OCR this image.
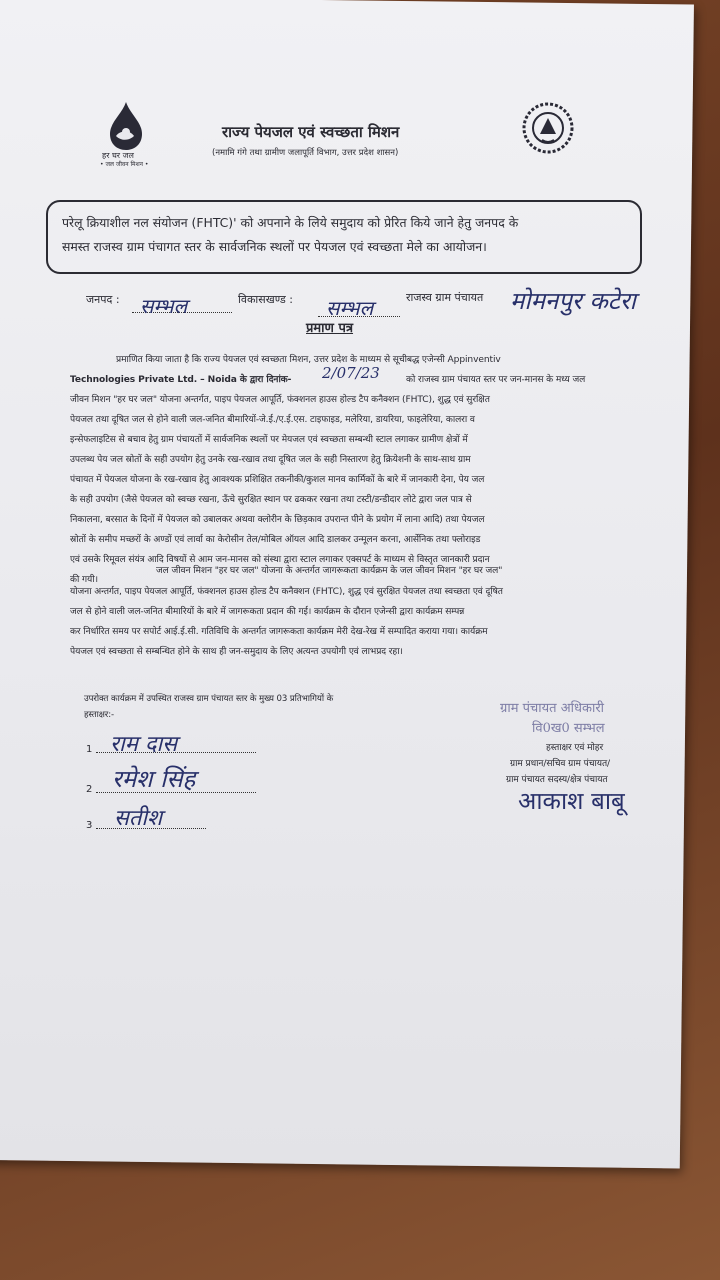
हर घर जल
• जल जीवन मिशन •
राज्य पेयजल एवं स्वच्छता मिशन
(नमामि गंगे तथा ग्रामीण जलापूर्ति विभाग, उत्तर प्रदेश शासन)
परेलू क्रियाशील नल संयोजन (FHTC)' को अपनाने के लिये समुदाय को प्रेरित किये जाने हेतु जनपद के
समस्त राजस्व ग्राम पंचागत स्तर के सार्वजनिक स्थलों पर पेयजल एवं स्वच्छता मेले का आयोजन।
जनपद : सम्भल	विकासखण्ड : सम्भल	राजस्व ग्राम पंचायत मोमनपुर कटेरा
प्रमाण पत्र
प्रमाणित किया जाता है कि राज्य पेयजल एवं स्वच्छता मिशन, उत्तर प्रदेश के माध्यम से सूचीबद्ध एजेन्सी Appinventiv
Technologies Private Ltd. – Noida के द्वारा दिनांक- 2/07/23	को राजस्व ग्राम पंचायत स्तर पर जन-मानस के मध्य जल
जीवन मिशन "हर घर जल" योजना अन्तर्गत, पाइप पेयजल आपूर्ति, फंक्शनल हाउस होल्ड टैप कनैक्शन (FHTC), शुद्ध एवं सुरक्षित
पेयजल तथा दूषित जल से होने वाली जल-जनित बीमारियों-जे.ई./ए.ई.एस. टाइफाइड, मलेरिया, डायरिया, फाइलेरिया, कालरा व
इन्सेफलाइटिस से बचाव हेतु ग्राम पंचायतों में सार्वजनिक स्थलों पर मेयजल एवं स्वच्छता सम्बन्धी स्टाल लगाकर ग्रामीण क्षेत्रों में
उपलब्ध पेय जल स्रोतों के सही उपयोग हेतु उनके रख-रखाव तथा दूषित जल के सही निस्तारण हेतु क्रियेशनी के साथ-साथ ग्राम
पंचायत में पेयजल योजना के रख-रखाव हेतु आवश्यक प्रशिक्षित तकनीकी/कुशल मानव कार्मिकों के बारे में जानकारी देना, पेय जल
के सही उपयोग (जैसे पेयजल को स्वच्छ रखना, ऊँचे सुरक्षित स्थान पर ढककर रखना तथा टस्टी/डन्डीदार लोटे द्वारा जल पात्र से
निकालना, बरसात के दिनों में पेयजल को उबालकर अथवा क्लोरीन के छिड़काव उपरान्त पीने के प्रयोग में लाना आदि) तथा पेयजल
स्रोतों के समीप मच्छरों के अण्डों एवं लार्वा का केरोसीन तेल/मोबिल ऑयल आदि डालकर उन्मूलन करना, आर्सेनिक तथा फ्लोराइड
एवं उसके रिमूवल संयंत्र आदि विषयों से आम जन-मानस को संस्था द्वारा स्टाल लगाकर एक्सपर्ट के माध्यम से विस्तृत जानकारी प्रदान
की गयी।
जल जीवन मिशन "हर घर जल" योजना के अन्तर्गत जागरूकता कार्यक्रम के जल जीवन मिशन "हर घर जल"
योजना अन्तर्गत, पाइप पेयजल आपूर्ति, फंक्शनल हाउस होल्ड टैप कनैक्शन (FHTC), शुद्ध एवं सुरक्षित पेयजल तथा स्वच्छता एवं दूषित
जल से होने वाली जल-जनित बीमारियों के बारे में जागरूकता प्रदान की गई। कार्यक्रम के दौरान एजेन्सी द्वारा कार्यक्रम सम्पन्न
कर निर्धारित समय पर सपोर्ट आई.ई.सी. गतिविधि के अन्तर्गत जागरूकता कार्यक्रम मेरी देख-रेख में सम्पादित कराया गया। कार्यक्रम
पेयजल एवं स्वच्छता से सम्बन्धित होने के साथ ही जन-समुदाय के लिए अत्यन्त उपयोगी एवं लाभप्रद रहा।
उपरोक्त कार्यक्रम में उपस्थित राजस्व ग्राम पंचायत स्तर के मुख्य 03 प्रतिभागियों के
हस्ताक्षर:-
1 राम दास
2 रमेश सिंह
3 सतीश
ग्राम पंचायत अधिकारी
वि0ख0 सम्भल
हस्ताक्षर एवं मोहर
ग्राम प्रधान/सचिव ग्राम पंचायत/
ग्राम पंचायत सदस्य/क्षेत्र पंचायत
आकाश बाबू
